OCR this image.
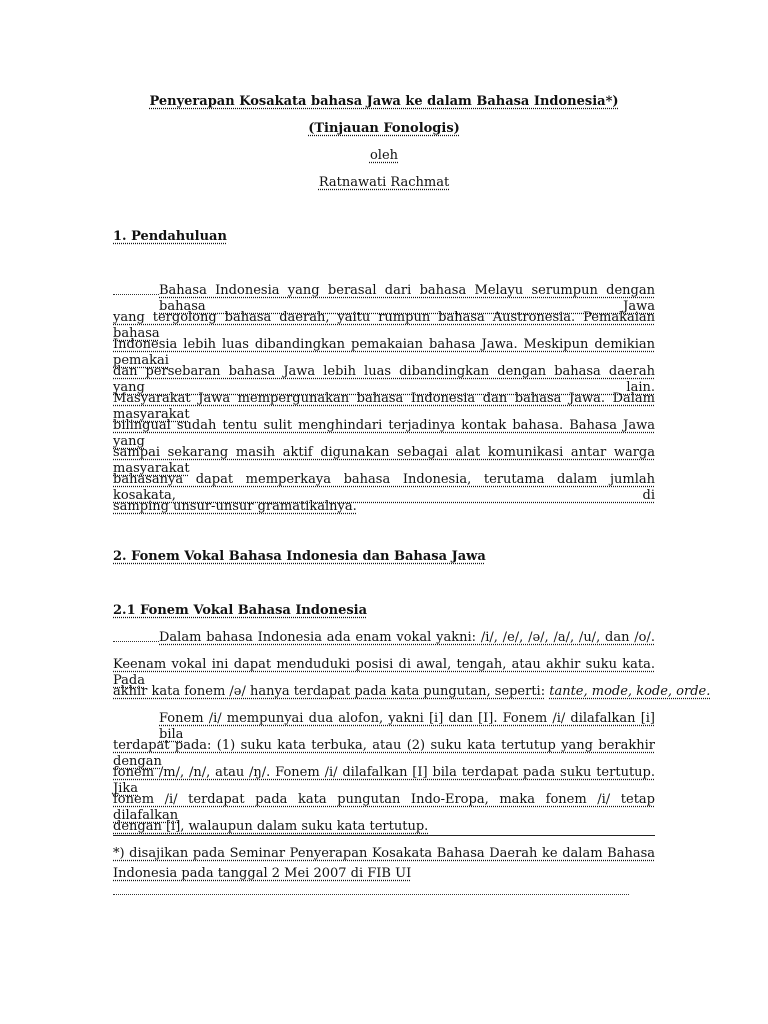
Penyerapan Kosakata bahasa Jawa ke dalam Bahasa Indonesia*)
(Tinjauan Fonologis)
oleh
Ratnawati Rachmat
1. Pendahuluan
Bahasa Indonesia yang berasal dari bahasa Melayu serumpun dengan bahasa Jawa
yang tergolong bahasa daerah, yaitu rumpun bahasa Austronesia. Pemakaian bahasa
Indonesia lebih luas dibandingkan pemakaian bahasa Jawa. Meskipun demikian pemakai
dan persebaran bahasa Jawa lebih luas dibandingkan dengan bahasa daerah yang lain.
Masyarakat Jawa mempergunakan bahasa Indonesia dan bahasa Jawa. Dalam masyarakat
bilingual sudah tentu sulit menghindari terjadinya kontak bahasa. Bahasa Jawa yang
sampai sekarang masih aktif digunakan sebagai alat komunikasi antar warga masyarakat
bahasanya dapat memperkaya bahasa Indonesia, terutama dalam jumlah kosakata, di
samping unsur-unsur gramatikalnya.
2. Fonem Vokal Bahasa Indonesia dan Bahasa Jawa
2.1 Fonem Vokal Bahasa Indonesia
Dalam bahasa Indonesia ada enam vokal yakni: /i/, /e/, /ə/, /a/, /u/, dan /o/.
Keenam vokal ini dapat menduduki posisi di awal, tengah, atau akhir suku kata. Pada
akhir kata fonem /ə/ hanya terdapat pada kata pungutan, seperti: tante, mode, kode, orde.
Fonem /i/ mempunyai dua alofon, yakni [i] dan [I]. Fonem /i/ dilafalkan [i] bila
terdapat pada: (1) suku kata terbuka, atau (2) suku kata tertutup yang berakhir dengan
fonem /m/, /n/, atau /ŋ/. Fonem /i/ dilafalkan [I] bila terdapat pada suku tertutup. Jika
fonem /i/ terdapat pada kata pungutan Indo-Eropa, maka fonem /i/ tetap dilafalkan
dengan [i], walaupun dalam suku kata tertutup.
*) disajikan pada Seminar Penyerapan Kosakata Bahasa Daerah ke dalam Bahasa
Indonesia pada tanggal 2 Mei 2007 di FIB UI
